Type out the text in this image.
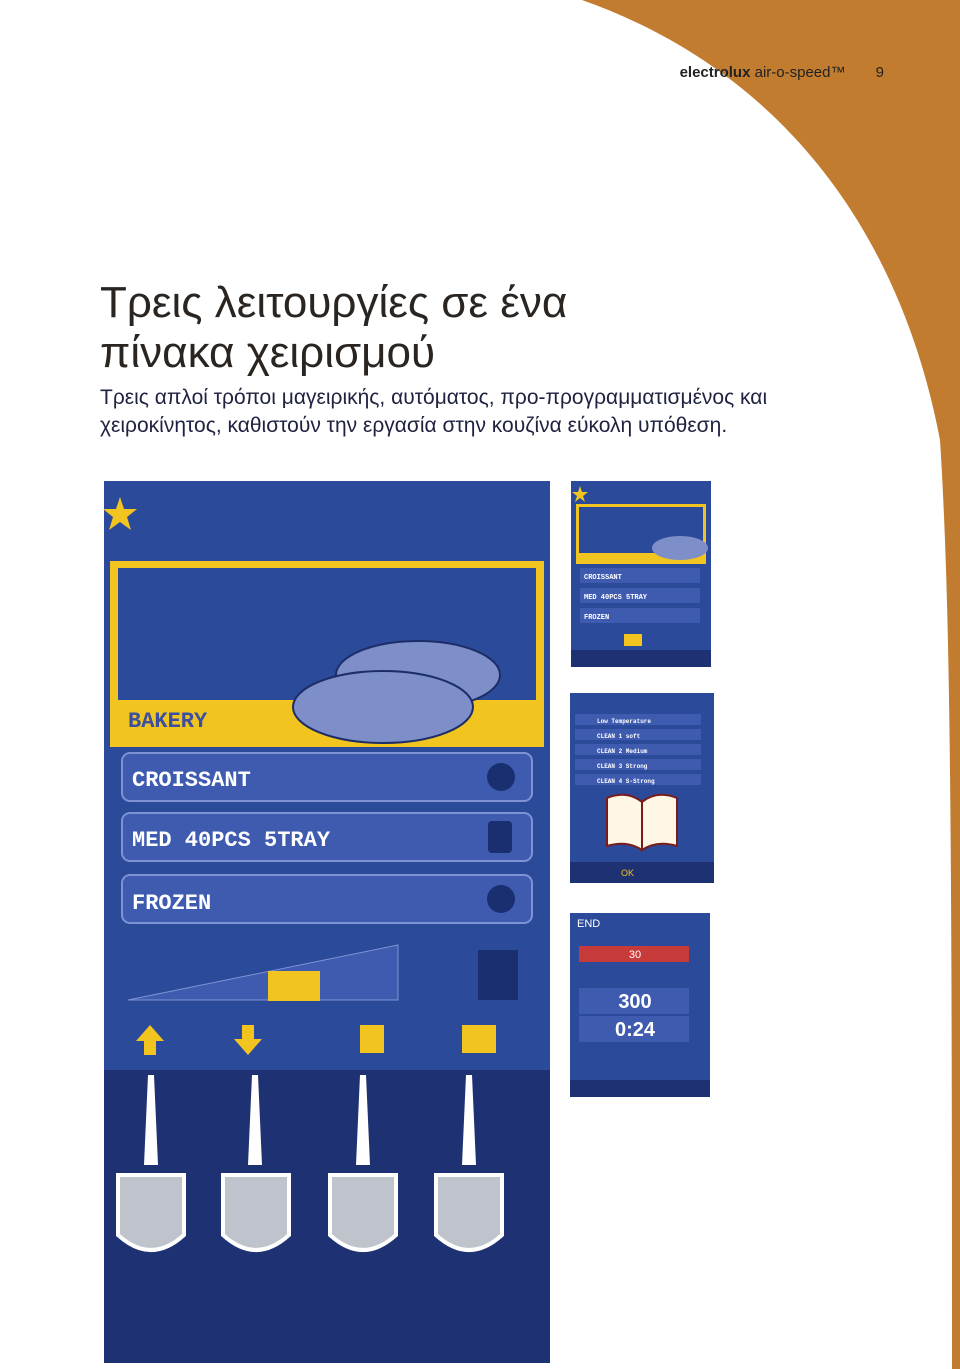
electrolux air-o-speed™ 9
Τρεις λειτουργίες σε ένα
πίνακα χειρισμού
Τρεις απλοί τρόποι μαγειρικής, αυτόματος, προ-προγραμματισμένος και χειροκίνητος, καθιστούν την εργασία στην κουζίνα εύκολη υπόθεση.
BAKERY
CROISSANT
MED 40PCS 5TRAY
FROZEN
CROISSANT
MED 40PCS 5TRAY
FROZEN
Low Temperature
CLEAN 1 soft
CLEAN 2 Medium
CLEAN 3 Strong
CLEAN 4 S-Strong
OK
END
30
300
0:24
Αυτόματος
Επιλέξτε τον τύπο
φαγητών, το φορτίο,
φρέσκο ή καταψυγμένο,
την πληρότητα του
μαγειρέματος και ο
φούρνος air-o-speed™
αυτόματα κάνει όλα τα
υπόλοιπα.
Προ –
προγραμματισμένος
Εύκολα προγραμματίστε
εκ των προτέρων την
συνταγή της αρεσκείας
σας. Πιέστε το πλήκτρο
και ο φούρνος
air-o-speed™ ακολουθεί
τις οδηγίες σας.
Χειροκίνητος
Ορίστε τον τρόπο
μαγειρέματος. Ορίστε
την θερμοκρασία.
Μαγειρέψτε σε ένα
καθορισμένο χρόνο
ή μαγειρέψτε σε μία
οριζόμενη εσωτερική
θερμοκρασία με τη
βοήθεια του πολύ
– αισθητήρα 6 σημείων.
